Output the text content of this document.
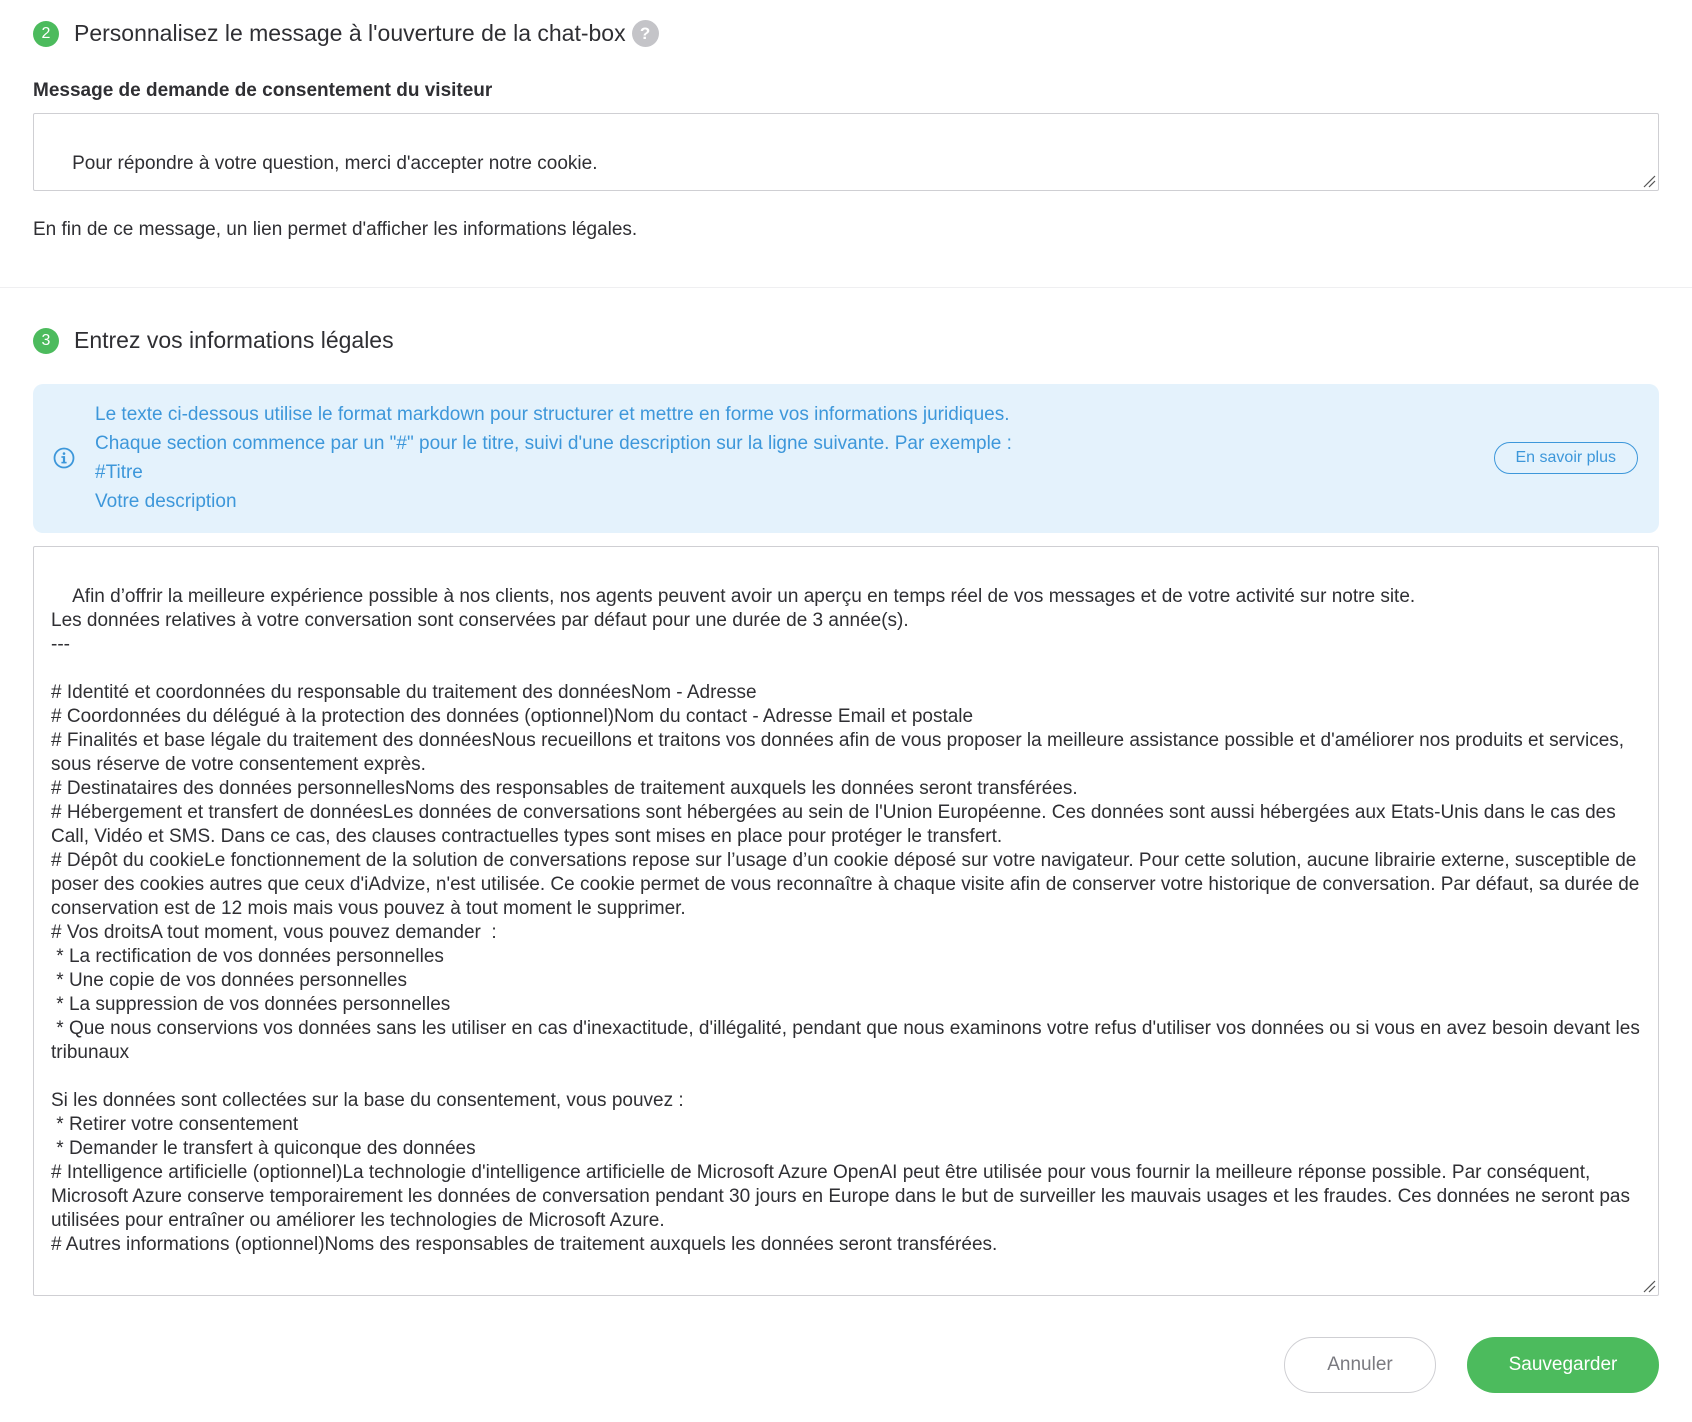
2	Personnalisez le message à l'ouverture de la chat-box ?
Message de demande de consentement du visiteur

Pour répondre à votre question, merci d'accepter notre cookie.

En fin de ce message, un lien permet d'afficher les informations légales.
3	Entrez vos informations légales
Le texte ci-dessous utilise le format markdown pour structurer et mettre en forme vos informations juridiques.
Chaque section commence par un "#" pour le titre, suivi d'une description sur la ligne suivante. Par exemple :
#Titre
Votre description
En savoir plus

Afin d’offrir la meilleure expérience possible à nos clients, nos agents peuvent avoir un aperçu en temps réel de vos messages et de votre activité sur notre site.
Les données relatives à votre conversation sont conservées par défaut pour une durée de 3 année(s).
---

# Identité et coordonnées du responsable du traitement des donnéesNom - Adresse
# Coordonnées du délégué à la protection des données (optionnel)Nom du contact - Adresse Email et postale
# Finalités et base légale du traitement des donnéesNous recueillons et traitons vos données afin de vous proposer la meilleure assistance possible et d'améliorer nos produits et services, sous réserve de votre consentement exprès.
# Destinataires des données personnellesNoms des responsables de traitement auxquels les données seront transférées.
# Hébergement et transfert de donnéesLes données de conversations sont hébergées au sein de l'Union Européenne. Ces données sont aussi hébergées aux Etats-Unis dans le cas des Call, Vidéo et SMS. Dans ce cas, des clauses contractuelles types sont mises en place pour protéger le transfert.
# Dépôt du cookieLe fonctionnement de la solution de conversations repose sur l’usage d’un cookie déposé sur votre navigateur. Pour cette solution, aucune librairie externe, susceptible de poser des cookies autres que ceux d'iAdvize, n'est utilisée. Ce cookie permet de vous reconnaître à chaque visite afin de conserver votre historique de conversation. Par défaut, sa durée de conservation est de 12 mois mais vous pouvez à tout moment le supprimer.
# Vos droitsA tout moment, vous pouvez demander  :
* La rectification de vos données personnelles
* Une copie de vos données personnelles
* La suppression de vos données personnelles
* Que nous conservions vos données sans les utiliser en cas d'inexactitude, d'illégalité, pendant que nous examinons votre refus d'utiliser vos données ou si vous en avez besoin devant les tribunaux

Si les données sont collectées sur la base du consentement, vous pouvez :
* Retirer votre consentement
* Demander le transfert à quiconque des données
# Intelligence artificielle (optionnel)La technologie d'intelligence artificielle de Microsoft Azure OpenAI peut être utilisée pour vous fournir la meilleure réponse possible. Par conséquent, Microsoft Azure conserve temporairement les données de conversation pendant 30 jours en Europe dans le but de surveiller les mauvais usages et les fraudes. Ces données ne seront pas utilisées pour entraîner ou améliorer les technologies de Microsoft Azure.
# Autres informations (optionnel)Noms des responsables de traitement auxquels les données seront transférées.

Annuler	Sauvegarder
